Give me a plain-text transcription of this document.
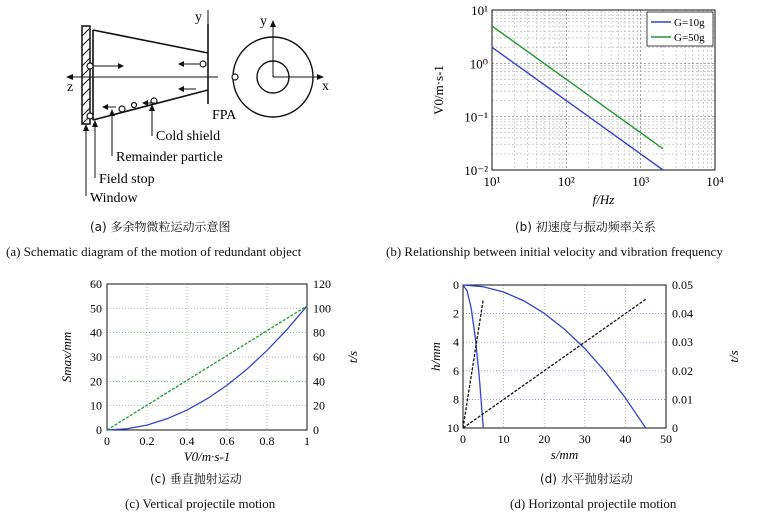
y
z
FPA
Cold shield
Remainder particle
Field stop
Window
y
x
(a) 多余物微粒运动示意图
(a) Schematic diagram of the motion of redundant object
10¹	10²	10³	10⁴
10¹
10⁰
10⁻¹
10⁻²
f/Hz
V0/m·s-1
G=10g
G=50g
(b) 初速度与振动频率关系
(b) Relationship between initial velocity and vibration frequency
0 0.2 0.4 0.6 0.8 1
0
10
20
30
40
50
60
0
20
40
60
80
100
120
V0/m·s-1
Smax/mm	t/s
(c) 垂直抛射运动
(c) Vertical projectile motion
0	10 20 30 40 50
0
2
4
6
8
10	0
0.01
0.02
0.03
0.04
0.05
s/mm
h/mm	t/s
(d) 水平抛射运动
(d) Horizontal projectile motion
